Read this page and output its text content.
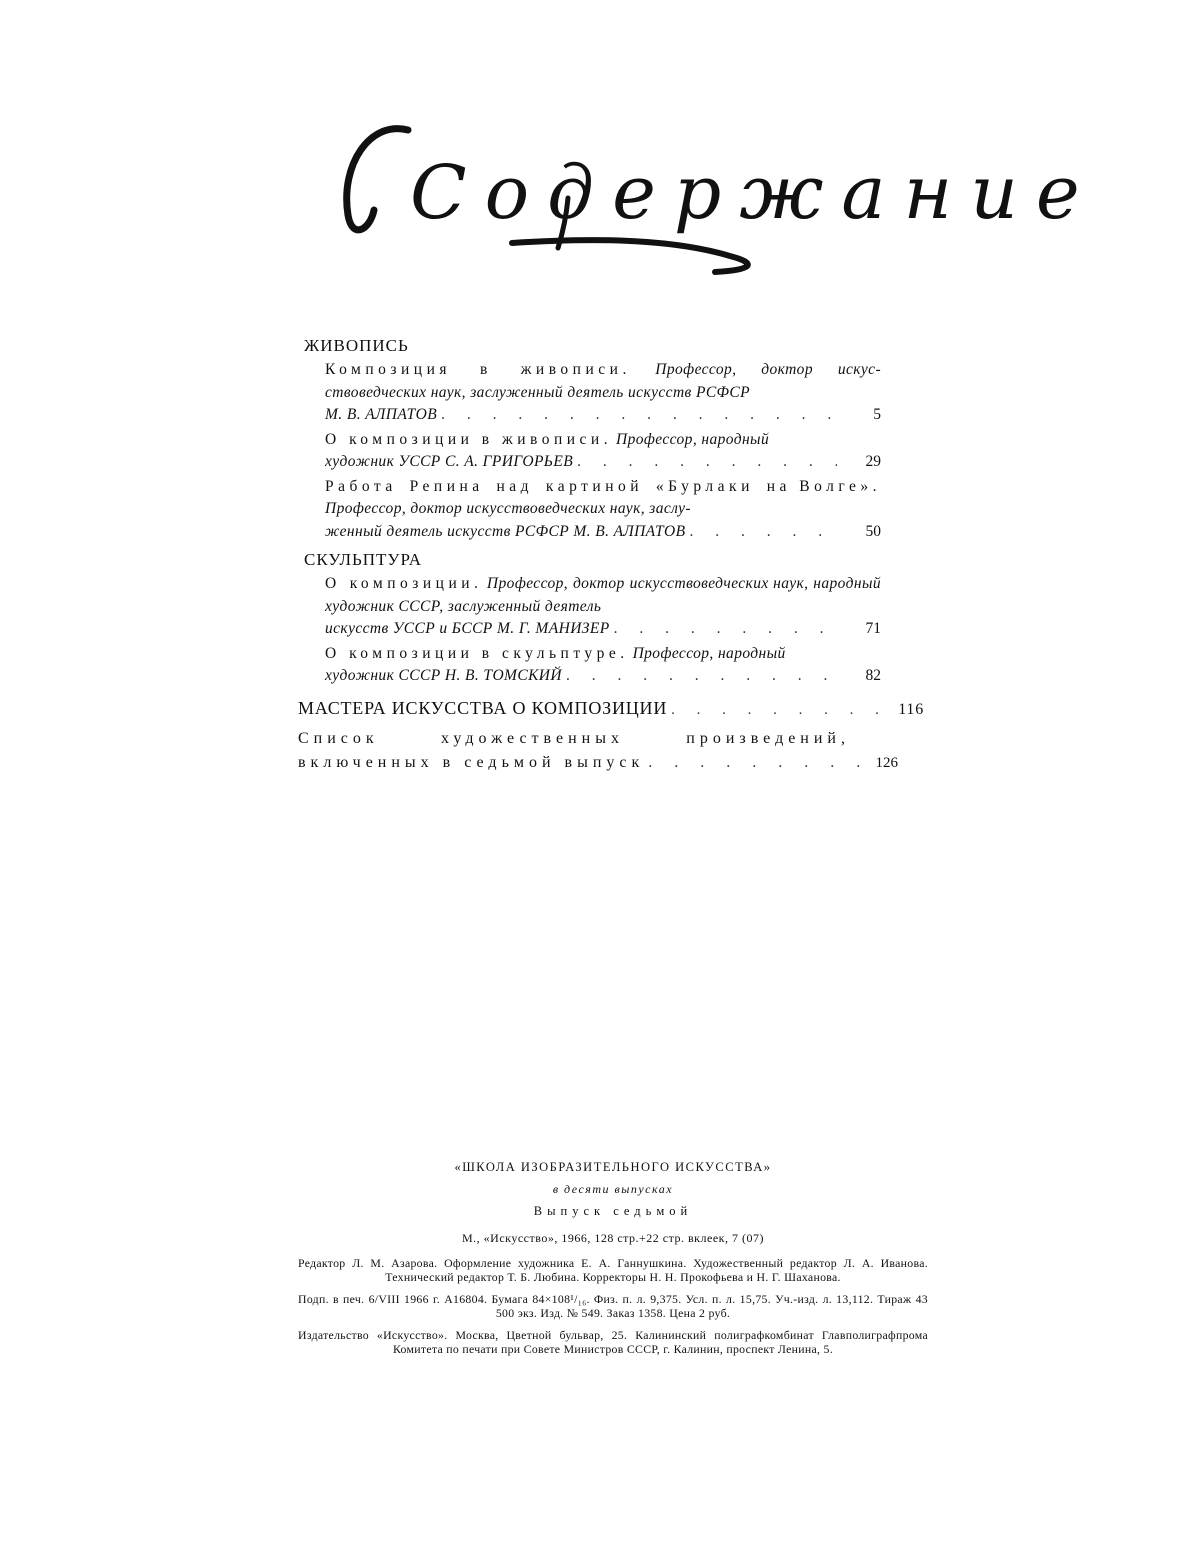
Содержание
ЖИВОПИСЬ
Композиция в живописи. Профессор, доктор искус- ствоведческих наук, заслуженный деятель искусств РСФСР
М. В. АЛПАТОВ . . .	5
О композиции в живописи. Профессор, народный
художник УССР С. А. ГРИГОРЬЕВ . . .	29
Работа Репина над картиной «Бурлаки на Волге». Профессор, доктор искусствоведческих наук, заслу-
женный деятель искусств РСФСР М. В. АЛПАТОВ . . .	50
СКУЛЬПТУРА
О композиции. Профессор, доктор искусствоведческих наук, народный художник СССР, заслуженный деятель
искусств УССР и БССР М. Г. МАНИЗЕР . . .	71
О композиции в скульптуре. Профессор, народный
художник СССР Н. В. ТОМСКИЙ . . .	82
МАСТЕРА ИСКУССТВА О КОМПОЗИЦИИ . . .	116
Список художественных произведений,
включенных в седьмой выпуск . . .	126
«ШКОЛА ИЗОБРАЗИТЕЛЬНОГО ИСКУССТВА»
в десяти выпусках
Выпуск седьмой
М., «Искусство», 1966, 128 стр.+22 стр. вклеек, 7 (07)
Редактор Л. М. Азарова. Оформление художника Е. А. Ганнушкина. Художественный редактор Л. А. Иванова. Технический редактор Т. Б. Любина. Корректоры Н. Н. Прокофьева и Н. Г. Шаханова.
Подп. в печ. 6/VIII 1966 г. А16804. Бумага 84×108¹/₁₆. Физ. п. л. 9,375. Усл. п. л. 15,75. Уч.-изд. л. 13,112. Тираж 43 500 экз. Изд. № 549. Заказ 1358. Цена 2 руб.
Издательство «Искусство». Москва, Цветной бульвар, 25. Калининский полиграфкомбинат Главполиграфпрома Комитета по печати при Совете Министров СССР, г. Калинин, проспект Ленина, 5.
